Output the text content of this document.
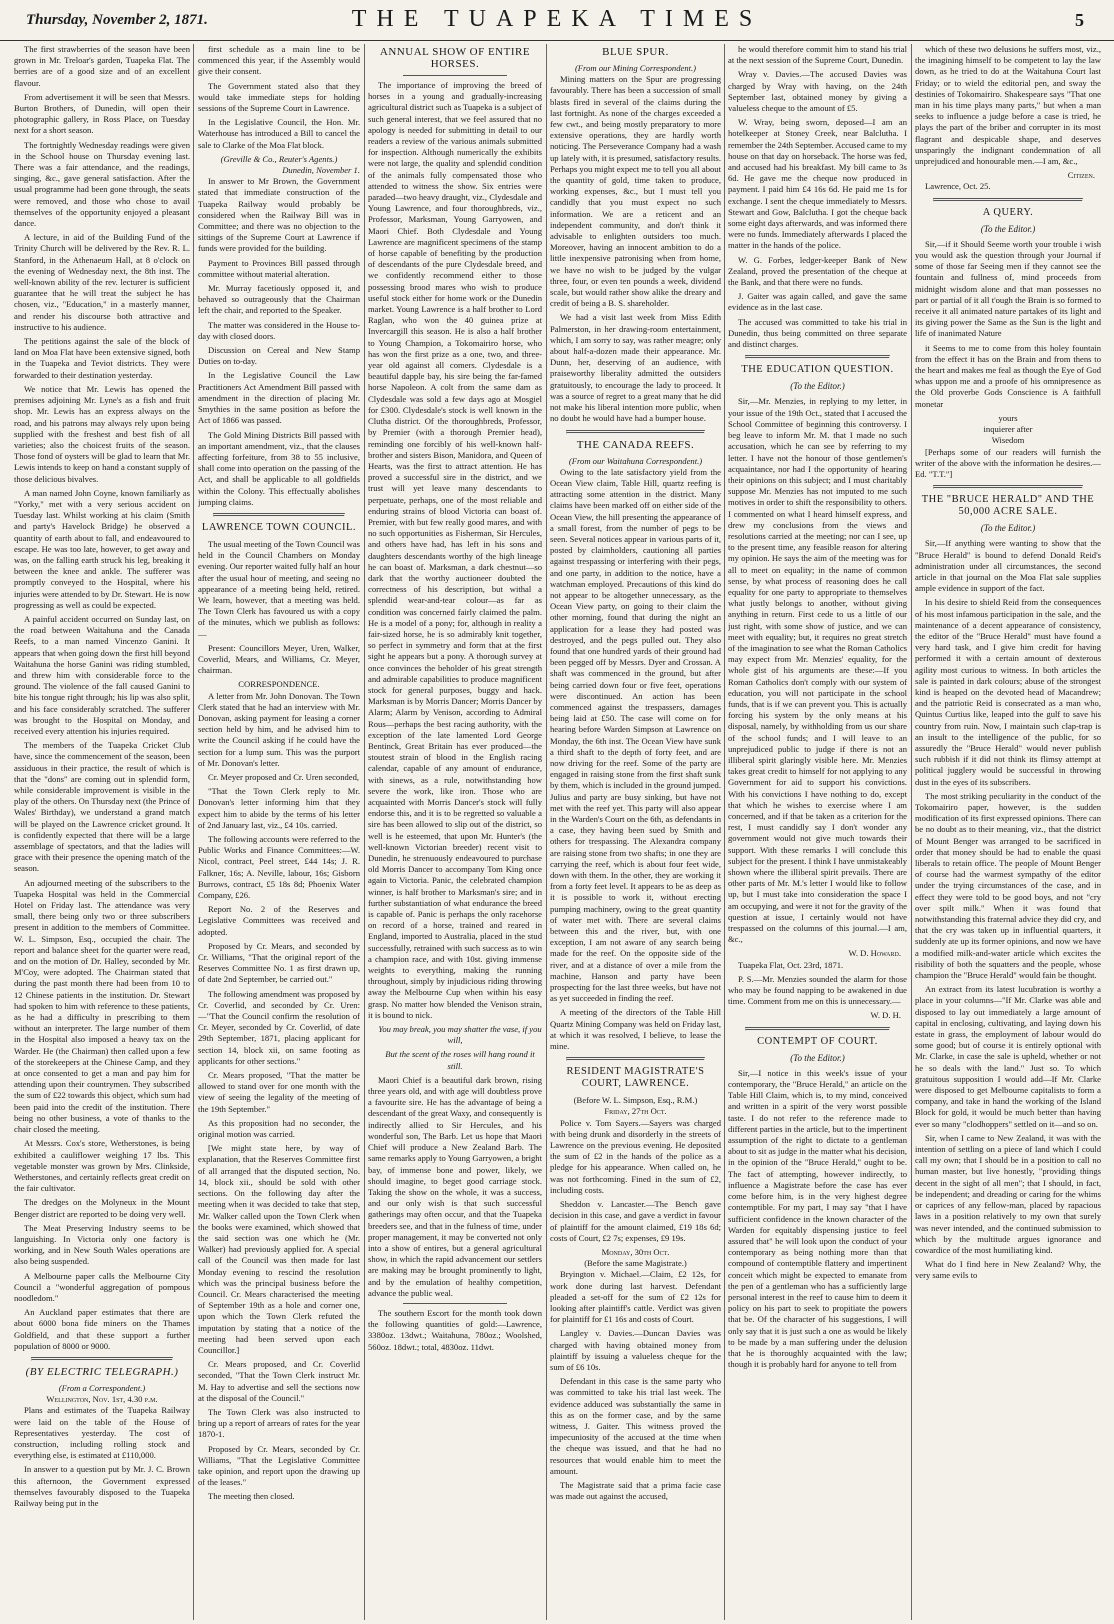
Thursday, November 2, 1871.	THE TUAPEKA TIMES	5

The first strawberries of the season have been grown in Mr. Treloar's garden, Tuapeka Flat. The berries are of a good size and of an excellent flavour.

From advertisement it will be seen that Messrs. Burton Brothers, of Dunedin, will open their photographic gallery, in Ross Place, on Tuesday next for a short season.

The fortnightly Wednesday readings were given in the School house on Thursday evening last. There was a fair attendance, and the readings, singing, &c., gave general satisfaction. After the usual programme had been gone through, the seats were removed, and those who chose to avail themselves of the opportunity enjoyed a pleasant dance.

A lecture, in aid of the Building Fund of the Trinity Church will be delivered by the Rev. R. L. Stanford, in the Athenaeum Hall, at 8 o'clock on the evening of Wednesday next, the 8th inst. The well-known ability of the rev. lecturer is sufficient guarantee that he will treat the subject he has chosen, viz., "Education," in a masterly manner, and render his discourse both attractive and instructive to his audience.

The petitions against the sale of the block of land on Moa Flat have been extensive signed, both in the Tuapeka and Teviot districts. They were forwarded to their destination yesterday.

We notice that Mr. Lewis has opened the premises adjoining Mr. Lyne's as a fish and fruit shop. Mr. Lewis has an express always on the road, and his patrons may always rely upon being supplied with the freshest and best fish of all varieties; also the choicest fruits of the season. Those fond of oysters will be glad to learn that Mr. Lewis intends to keep on hand a constant supply of those delicious bivalves.

A man named John Coyne, known familiarly as "Yorky," met with a very serious accident on Tuesday last. Whilst working at his claim (Smith and party's Havelock Bridge) he observed a quantity of earth about to fall, and endeavoured to escape. He was too late, however, to get away and was, on the falling earth struck his leg, breaking it between the knee and ankle. The sufferer was promptly conveyed to the Hospital, where his injuries were attended to by Dr. Stewart. He is now progressing as well as could be expected.

A painful accident occurred on Sunday last, on the road between Waitahuna and the Canada Reefs, to a man named Vincenzo Ganini. It appears that when going down the first hill beyond Waitahuna the horse Ganini was riding stumbled, and threw him with considerable force to the ground. The violence of the fall caused Ganini to bite his tongue right through; his lip was also split, and his face considerably scratched. The sufferer was brought to the Hospital on Monday, and received every attention his injuries required.

The members of the Tuapeka Cricket Club have, since the commencement of the season, been assiduous in their practice, the result of which is that the "dons" are coming out in splendid form, while considerable improvement is visible in the play of the others. On Thursday next (the Prince of Wales' Birthday), we understand a grand match will be played on the Lawrence cricket ground. It is confidently expected that there will be a large assemblage of spectators, and that the ladies will grace with their presence the opening match of the season.

An adjourned meeting of the subscribers to the Tuapeka Hospital was held in the Commercial Hotel on Friday last. The attendance was very small, there being only two or three subscribers present in addition to the members of Committee. W. L. Simpson, Esq., occupied the chair. The report and balance sheet for the quarter were read, and on the motion of Dr. Halley, seconded by Mr. M'Coy, were adopted. The Chairman stated that during the past month there had been from 10 to 12 Chinese patients in the institution. Dr. Stewart had spoken to him with reference to these patients, as he had a difficulty in prescribing to them without an interpreter. The large number of them in the Hospital also imposed a heavy tax on the Warder. He (the Chairman) then called upon a few of the storekeepers at the Chinese Camp, and they at once consented to get a man and pay him for attending upon their countrymen. They subscribed the sum of £22 towards this object, which sum had been paid into the credit of the institution. There being no other business, a vote of thanks to the chair closed the meeting.

At Messrs. Cox's store, Wetherstones, is being exhibited a cauliflower weighing 17 lbs. This vegetable monster was grown by Mrs. Clinkside, Wetherstones, and certainly reflects great credit on the fair cultivator.

The dredges on the Molyneux in the Mount Benger district are reported to be doing very well.

The Meat Preserving Industry seems to be languishing. In Victoria only one factory is working, and in New South Wales operations are also being suspended.

A Melbourne paper calls the Melbourne City Council a "wonderful aggregation of pompous noodledom."

An Auckland paper estimates that there are about 6000 bona fide miners on the Thames Goldfield, and that these support a further population of 8000 or 9000.

(BY ELECTRIC TELEGRAPH.)
(From a Correspondent.)
Wellington, Nov. 1st, 4.30 p.m.

Plans and estimates of the Tuapeka Railway were laid on the table of the House of Representatives yesterday. The cost of construction, including rolling stock and everything else, is estimated at £110,000.

In answer to a question put by Mr. J. C. Brown this afternoon, the Government expressed themselves favourably disposed to the Tuapeka Railway being put in the

first schedule as a main line to be commenced this year, if the Assembly would give their consent.

The Government stated also that they would take immediate steps for holding sessions of the Supreme Court in Lawrence.

In the Legislative Council, the Hon. Mr. Waterhouse has introduced a Bill to cancel the sale to Clarke of the Moa Flat block.

(Greville & Co., Reuter's Agents.)
Dunedin, November 1.

In answer to Mr Brown, the Government stated that immediate construction of the Tuapeka Railway would probably be considered when the Railway Bill was in Committee; and there was no objection to the sittings of the Supreme Court at Lawrence if funds were provided for the building.

Payment to Provinces Bill passed through committee without material alteration.

Mr. Murray facetiously opposed it, and behaved so outrageously that the Chairman left the chair, and reported to the Speaker.

The matter was considered in the House to-day with closed doors.

Discussion on Cereal and New Stamp Duties on to-day.

In the Legislative Council the Law Practitioners Act Amendment Bill passed with amendment in the direction of placing Mr. Smythies in the same position as before the Act of 1866 was passed.

The Gold Mining Districts Bill passed with an important amendment, viz., that the clauses affecting forfeiture, from 38 to 55 inclusive, shall come into operation on the passing of the Act, and shall be applicable to all goldfields within the Colony. This effectually abolishes jumping claims.

LAWRENCE TOWN COUNCIL.

The usual meeting of the Town Council was held in the Council Chambers on Monday evening. Our reporter waited fully half an hour after the usual hour of meeting, and seeing no appearance of a meeting being held, retired. We learn, however, that a meeting was held. The Town Clerk has favoured us with a copy of the minutes, which we publish as follows:—

Present: Councillors Meyer, Uren, Walker, Coverlid, Mears, and Williams, Cr. Meyer, chairman.

CORRESPONDENCE.

A letter from Mr. John Donovan. The Town Clerk stated that he had an interview with Mr. Donovan, asking payment for leasing a corner section held by him, and he advised him to write the Council asking if he could have the section for a lump sum. This was the purport of Mr. Donovan's letter.

Cr. Meyer proposed and Cr. Uren seconded,

"That the Town Clerk reply to Mr. Donovan's letter informing him that they expect him to abide by the terms of his letter of 2nd January last, viz., £4 10s. carried.

The following accounts were referred to the Public Works and Finance Committees:—W. Nicol, contract, Peel street, £44 14s; J. R. Falkner, 16s; A. Neville, labour, 16s; Gisborn Burrows, contract, £5 18s 8d; Phoenix Water Company, £26.

Report No. 2 of the Reserves and Legislative Committees was received and adopted.

Proposed by Cr. Mears, and seconded by Cr. Williams, "That the original report of the Reserves Committee No. 1 as first drawn up, of date 2nd September, be carried out."

The following amendment was proposed by Cr. Coverlid, and seconded by Cr. Uren:—"That the Council confirm the resolution of Cr. Meyer, seconded by Cr. Coverlid, of date 29th September, 1871, placing applicant for section 14, block xii, on same footing as applicants for other sections."

Cr. Mears proposed, "That the matter be allowed to stand over for one month with the view of seeing the legality of the meeting of the 19th September."

As this proposition had no seconder, the original motion was carried.

[We might state here, by way of explanation, that the Reserves Committee first of all arranged that the disputed section, No. 14, block xii., should be sold with other sections. On the following day after the meeting when it was decided to take that step, Mr. Walker called upon the Town Clerk when the books were examined, which showed that the said section was one which he (Mr. Walker) had previously applied for. A special call of the Council was then made for last Monday evening to rescind the resolution which was the principal business before the Council. Cr. Mears characterised the meeting of September 19th as a hole and corner one, upon which the Town Clerk refuted the imputation by stating that a notice of the meeting had been served upon each Councillor.]

Cr. Mears proposed, and Cr. Coverlid seconded, "That the Town Clerk instruct Mr. M. Hay to advertise and sell the sections now at the disposal of the Council."

The Town Clerk was also instructed to bring up a report of arrears of rates for the year 1870-1.

Proposed by Cr. Mears, seconded by Cr. Williams, "That the Legislative Committee take opinion, and report upon the drawing up of the leases."

The meeting then closed.

ANNUAL SHOW OF ENTIRE HORSES.

The importance of improving the breed of horses in a young and gradually-increasing agricultural district such as Tuapeka is a subject of such general interest, that we feel assured that no apology is needed for submitting in detail to our readers a review of the various animals submitted for inspection. Although numerically the exhibits were not large, the quality and splendid condition of the animals fully compensated those who attended to witness the show. Six entries were paraded—two heavy draught, viz., Clydesdale and Young Lawrence, and four thoroughbreds, viz., Professor, Marksman, Young Garryowen, and Maori Chief. Both Clydesdale and Young Lawrence are magnificent specimens of the stamp of horse capable of benefiting by the production of descendants of the pure Clydesdale breed, and we confidently recommend either to those possessing brood mares who wish to produce useful stock either for home work or the Dunedin market. Young Lawrence is a half brother to Lord Raglan, who won the 40 guinea prize at Invercargill this season. He is also a half brother to Young Champion, a Tokomairiro horse, who has won the first prize as a one, two, and three-year old against all comers. Clydesdale is a beautiful dapple bay, his sire being the far-famed horse Napoleon. A colt from the same dam as Clydesdale was sold a few days ago at Mosgiel for £300. Clydesdale's stock is well known in the Clutha district. Of the thoroughbreds, Professor, by Premier (with a thorough Premier head), reminding one forcibly of his well-known half-brother and sisters Bison, Manidora, and Queen of Hearts, was the first to attract attention. He has proved a successful sire in the district, and we trust will yet leave many descendants to perpetuate, perhaps, one of the most reliable and enduring strains of blood Victoria can boast of. Premier, with but few really good mares, and with no such opportunities as Fisherman, Sir Hercules, and others have had, has left in his sons and daughters descendants worthy of the high lineage he can boast of. Marksman, a dark chestnut—so dark that the worthy auctioneer doubted the correctness of his description, but withal a splendid wear-and-tear colour—as far as condition was concerned fairly claimed the palm. He is a model of a pony; for, although in reality a fair-sized horse, he is so admirably knit together, so perfect in symmetry and form that at the first sight he appears but a pony. A thorough survey at once convinces the beholder of his great strength and admirable capabilities to produce magnificent stock for general purposes, buggy and hack. Marksman is by Morris Dancer; Morris Dancer by Alarm; Alarm by Venison, according to Admiral Rous—perhaps the best racing authority, with the exception of the late lamented Lord George Bentinck, Great Britain has ever produced—the stoutest strain of blood in the English racing calendar, capable of any amount of endurance, with sinews, as a rule, notwithstanding how severe the work, like iron. Those who are acquainted with Morris Dancer's stock will fully endorse this, and it is to be regretted so valuable a sire has been allowed to slip out of the district, so well is he esteemed, that upon Mr. Hunter's (the well-known Victorian breeder) recent visit to Dunedin, he strenuously endeavoured to purchase old Morris Dancer to accompany Tom King once again to Victoria. Panic, the celebrated champion winner, is half brother to Marksman's sire; and in further substantiation of what endurance the breed is capable of. Panic is perhaps the only racehorse on record of a horse, trained and reared in England, imported to Australia, placed in the stud successfully, retrained with such success as to win a champion race, and with 10st. giving immense weights to everything, making the running throughout, simply by injudicious riding throwing away the Melbourne Cup when within his easy grasp. No matter how blended the Venison strain, it is bound to nick.

You may break, you may shatter the vase, if you will,

But the scent of the roses will hang round it still.

Maori Chief is a beautiful dark brown, rising three years old, and with age will doubtless prove a favourite sire. He has the advantage of being a descendant of the great Waxy, and consequently is indirectly allied to Sir Hercules, and his wonderful son, The Barb. Let us hope that Maori Chief will produce a New Zealand Barb. The same remarks apply to Young Garryowen, a bright bay, of immense bone and power, likely, we should imagine, to beget good carriage stock. Taking the show on the whole, it was a success, and our only wish is that such successful gatherings may often occur, and that the Tuapeka breeders see, and that in the fulness of time, under proper management, it may be converted not only into a show of entires, but a general agricultural show, in which the rapid advancement our settlers are making may be brought prominently to light, and by the emulation of healthy competition, advance the public weal.

The southern Escort for the month took down the following quantities of gold:—Lawrence, 3380oz. 13dwt.; Waitahuna, 780oz.; Woolshed, 560oz. 18dwt.; total, 4830oz. 11dwt.

BLUE SPUR.
(From our Mining Correspondent.)

Mining matters on the Spur are progressing favourably. There has been a succession of small blasts fired in several of the claims during the last fortnight. As none of the charges exceeded a few cwt., and being mostly preparatory to more extensive operations, they are hardly worth noticing. The Perseverance Company had a wash up lately with, it is presumed, satisfactory results. Perhaps you might expect me to tell you all about the quantity of gold, time taken to produce, working expenses, &c., but I must tell you candidly that you must expect no such information. We are a reticent and an independent community, and don't think it advisable to enlighten outsiders too much. Moreover, having an innocent ambition to do a little inexpensive patronising when from home, we have no wish to be judged by the vulgar three, four, or even ten pounds a week, dividend scale, but would rather show alike the dreary and credit of being a B. S. shareholder.

We had a visit last week from Miss Edith Palmerston, in her drawing-room entertainment, which, I am sorry to say, was rather meagre; only about half-a-dozen made their appearance. Mr. Dunn, her, deserving of an audience, with praiseworthy liberality admitted the outsiders gratuitously, to encourage the lady to proceed. It was a source of regret to a great many that he did not make his liberal intention more public, when no doubt he would have had a bumper house.

THE CANADA REEFS.
(From our Waitahuna Correspondent.)

Owing to the late satisfactory yield from the Ocean View claim, Table Hill, quartz reefing is attracting some attention in the district. Many claims have been marked off on either side of the Ocean View, the hill presenting the appearance of a small forest, from the number of pegs to be seen. Several notices appear in various parts of it, posted by claimholders, cautioning all parties against trespassing or interfering with their pegs, and one party, in addition to the notice, have a watchman employed. Precautions of this kind do not appear to be altogether unnecessary, as the Ocean View party, on going to their claim the other morning, found that during the night an application for a lease they had posted was destroyed, and the pegs pulled out. They also found that one hundred yards of their ground had been pegged off by Messrs. Dyer and Crossan. A shaft was commenced in the ground, but after being carried down four or five feet, operations were discontinued. An action has been commenced against the trespassers, damages being laid at £50. The case will come on for hearing before Warden Simpson at Lawrence on Monday, the 6th inst. The Ocean View have sunk a third shaft to the depth of forty feet, and are now driving for the reef. Some of the party are engaged in raising stone from the first shaft sunk by them, which is included in the ground jumped. Julius and party are busy sinking, but have not met with the reef yet. This party will also appear in the Warden's Court on the 6th, as defendants in a case, they having been sued by Smith and others for trespassing. The Alexandra company are raising stone from two shafts; in one they are carrying the reef, which is about four feet wide, down with them. In the other, they are working it from a forty feet level. It appears to be as deep as it is possible to work it, without erecting pumping machinery, owing to the great quantity of water met with. There are several claims between this and the river, but, with one exception, I am not aware of any search being made for the reef. On the opposite side of the river, and at a distance of over a mile from the machine, Hanson and party have been prospecting for the last three weeks, but have not as yet succeeded in finding the reef.

A meeting of the directors of the Table Hill Quartz Mining Company was held on Friday last, at which it was resolved, I believe, to lease the mine.

RESIDENT MAGISTRATE'S COURT, LAWRENCE.
(Before W. L. Simpson, Esq., R.M.)
Friday, 27th Oct.

Police v. Tom Sayers.—Sayers was charged with being drunk and disorderly in the streets of Lawrence on the previous evening. He deposited the sum of £2 in the hands of the police as a pledge for his appearance. When called on, he was not forthcoming. Fined in the sum of £2, including costs.

Sheddon v. Lancaster.—The Bench gave decision in this case, and gave a verdict in favour of plaintiff for the amount claimed, £19 18s 6d; costs of Court, £2 7s; expenses, £9 19s.

Monday, 30th Oct.
(Before the same Magistrate.)

Bryington v. Michael.—Claim, £2 12s, for work done during last harvest. Defendant pleaded a set-off for the sum of £2 12s for looking after plaintiff's cattle. Verdict was given for plaintiff for £1 16s and costs of Court.

Langley v. Davies.—Duncan Davies was charged with having obtained money from plaintiff by issuing a valueless cheque for the sum of £6 10s.

Defendant in this case is the same party who was committed to take his trial last week. The evidence adduced was substantially the same in this as on the former case, and by the same witness, J. Gaiter. This witness proved the impecuniosity of the accused at the time when the cheque was issued, and that he had no resources that would enable him to meet the amount.

The Magistrate said that a prima facie case was made out against the accused,

he would therefore commit him to stand his trial at the next session of the Supreme Court, Dunedin.

Wray v. Davies.—The accused Davies was charged by Wray with having, on the 24th September last, obtained money by giving a valueless cheque to the amount of £5.

W. Wray, being sworn, deposed—I am an hotelkeeper at Stoney Creek, near Balclutha. I remember the 24th September. Accused came to my house on that day on horseback. The horse was fed, and accused had his breakfast. My bill came to 3s 6d. He gave me the cheque now produced in payment. I paid him £4 16s 6d. He paid me 1s for exchange. I sent the cheque immediately to Messrs. Stewart and Gow, Balclutha. I got the cheque back some eight days afterwards, and was informed there were no funds. Immediately afterwards I placed the matter in the hands of the police.

W. G. Forbes, ledger-keeper Bank of New Zealand, proved the presentation of the cheque at the Bank, and that there were no funds.

J. Gaiter was again called, and gave the same evidence as in the last case.

The accused was committed to take his trial in Dunedin, thus being committed on three separate and distinct charges.

THE EDUCATION QUESTION.
(To the Editor.)

Sir,—Mr. Menzies, in replying to my letter, in your issue of the 19th Oct., stated that I accused the School Committee of beginning this controversy. I beg leave to inform Mr. M. that I made no such accusation, which he can see by referring to my letter. I have not the honour of those gentlemen's acquaintance, nor had I the opportunity of hearing their opinions on this subject; and I must charitably suppose Mr. Menzies has not imputed to me such motives in order to shift the responsibility to others. I commented on what I heard himself express, and drew my conclusions from the views and resolutions carried at the meeting; nor can I see, up to the present time, any feasible reason for altering my opinion. He says the aim of the meeting was for all to meet on equality; in the name of common sense, by what process of reasoning does he call equality for one party to appropriate to themselves what justly belongs to another, without giving anything in return. First cede to us a little of our just right, with some show of justice, and we can meet with equality; but, it requires no great stretch of the imagination to see what the Roman Catholics may expect from Mr. Menzies' equality, for the whole gist of his arguments are these:—If you Roman Catholics don't comply with our system of education, you will not participate in the school funds, that is if we can prevent you. This is actually forcing his system by the only means at his disposal, namely, by withholding from us our share of the school funds; and I will leave to an unprejudiced public to judge if there is not an illiberal spirit glaringly visible here. Mr. Menzies takes great credit to himself for not applying to any Government for aid to support his convictions. With his convictions I have nothing to do, except that which he wishes to exercise where I am concerned, and if that be taken as a criterion for the rest, I must candidly say I don't wonder any government would not give much towards their support. With these remarks I will conclude this subject for the present. I think I have unmistakeably shown where the illiberal spirit prevails. There are other parts of Mr. M.'s letter I would like to follow up, but I must take into consideration the space I am occupying, and were it not for the gravity of the question at issue, I certainly would not have trespassed on the columns of this journal.—I am, &c.,

W. D. Howard.

Tuapeka Flat, Oct. 23rd, 1871.

P. S.—Mr. Menzies sounded the alarm for those who may be found napping to be awakened in due time. Comment from me on this is unnecessary.—

W. D. H.
CONTEMPT OF COURT.
(To the Editor.)

Sir,—I notice in this week's issue of your contemporary, the "Bruce Herald," an article on the Table Hill Claim, which is, to my mind, conceived and written in a spirit of the very worst possible taste. I do not refer to the reference made to different parties in the article, but to the impertinent assumption of the right to dictate to a gentleman about to sit as judge in the matter what his decision, in the opinion of the "Bruce Herald," ought to be. The fact of attempting, however indirectly, to influence a Magistrate before the case has ever come before him, is in the very highest degree contemptible. For my part, I may say "that I have sufficient confidence in the known character of the Warden for equitably dispensing justice to feel assured that" he will look upon the conduct of your contemporary as being nothing more than that compound of contemptible flattery and impertinent conceit which might be expected to emanate from the pen of a gentleman who has a sufficiently large personal interest in the reef to cause him to deem it policy on his part to seek to propitiate the powers that be. Of the character of his suggestions, I will only say that it is just such a one as would be likely to be made by a man suffering under the delusion that he is thoroughly acquainted with the law; though it is probably hard for anyone to tell from

which of these two delusions he suffers most, viz., the imagining himself to be competent to lay the law down, as he tried to do at the Waitahuna Court last Friday; or to wield the editorial pen, and sway the destinies of Tokomairiro. Shakespeare says "That one man in his time plays many parts," but when a man seeks to influence a judge before a case is tried, he plays the part of the briber and corrupter in its most flagrant and despicable shape, and deserves unsparingly the indignant condemnation of all unprejudiced and honourable men.—I am, &c.,

Citizen.

Lawrence, Oct. 25.

A QUERY.
(To the Editor.)

Sir,—if it Should Seeme worth your trouble i wish you would ask the question through your Journal if some of those far Seeing men if they cannot see the fountain and fullness of, mind proceeds from midnight wisdom alone and that man possesses no part or partial of it all t'ough the Brain is so formed to receive it all animated nature partakes of its light and its giving power the Same as the Sun is the light and life of inanimated Nature

it Seems to me to come from this holey fountain from the effect it has on the Brain and from thens to the heart and makes me feal as though the Eye of God whas uppon me and a proofe of his omnipresence as the Old proverbe Gods Conscience is A faithfull monetar

yours
inquierer after
Wisedom

[Perhaps some of our readers will furnish the writer of the above with the information he desires.—Ed. "T.T."]

THE "BRUCE HERALD" AND THE 50,000 ACRE SALE.
(To the Editor.)

Sir,—If anything were wanting to show that the "Bruce Herald" is bound to defend Donald Reid's administration under all circumstances, the second article in that journal on the Moa Flat sale supplies ample evidence in support of the fact.

In his desire to shield Reid from the consequences of his most infamous participation in the sale, and the maintenance of a decent appearance of consistency, the editor of the "Bruce Herald" must have found a very hard task, and I give him credit for having performed it with a certain amount of dexterous agility most curious to witness. In both articles the sale is painted in dark colours; abuse of the strongest kind is heaped on the devoted head of Macandrew; and the patriotic Reid is consecrated as a man who, Quintus Curtius like, leaped into the gulf to save his country from ruin. Now, I maintain such clap-trap is an insult to the intelligence of the public, for so assuredly the "Bruce Herald" would never publish such rubbish if it did not think its flimsy attempt at political jugglery would be successful in throwing dust in the eyes of its subscribers.

The most striking peculiarity in the conduct of the Tokomairiro paper, however, is the sudden modification of its first expressed opinions. There can be no doubt as to their meaning, viz., that the district of Mount Benger was arranged to be sacrificed in order that money should be had to enable the quasi liberals to retain office. The people of Mount Benger of course had the warmest sympathy of the editor under the trying circumstances of the case, and in effect they were told to be good boys, and not "cry over spilt milk." When it was found that notwithstanding this fraternal advice they did cry, and that the cry was taken up in influential quarters, it suddenly ate up its former opinions, and now we have a modified milk-and-water article which excites the risibility of both the squatters and the people, whose champion the "Bruce Herald" would fain be thought.

An extract from its latest lucubration is worthy a place in your columns—"If Mr. Clarke was able and disposed to lay out immediately a large amount of capital in enclosing, cultivating, and laying down his estate in grass, the employment of labour would do some good; but of course it is entirely optional with Mr. Clarke, in case the sale is upheld, whether or not he so deals with the land." Just so. To which gratuitous supposition I would add—If Mr. Clarke were disposed to get Melbourne capitalists to form a company, and take in hand the working of the Island Block for gold, it would be much better than having ever so many "clodhoppers" settled on it—and so on.

Sir, when I came to New Zealand, it was with the intention of settling on a piece of land which I could call my own; that I should be in a position to call no human master, but live honestly, "providing things decent in the sight of all men"; that I should, in fact, be independent; and dreading or caring for the whims or caprices of any fellow-man, placed by rapacious laws in a position relatively to my own that surely was never intended, and the continued submission to which by the multitude argues ignorance and cowardice of the most humiliating kind.

What do I find here in New Zealand? Why, the very same evils to
